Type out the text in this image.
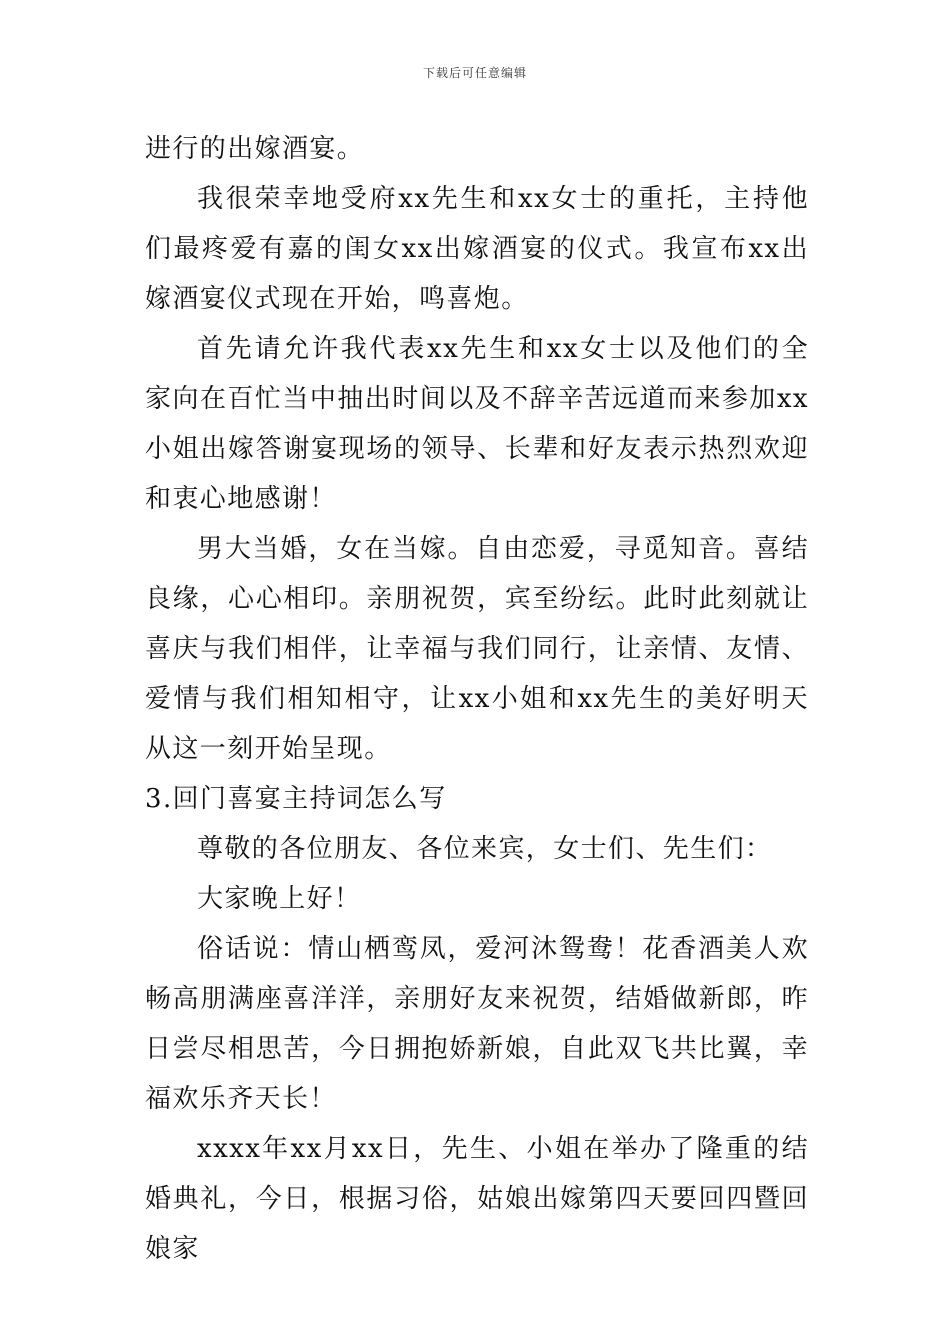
下载后可任意编辑

进行的出嫁酒宴。

我很荣幸地受府xx先生和xx女士的重托，主持他们最疼爱有嘉的闺女xx出嫁酒宴的仪式。我宣布xx出嫁酒宴仪式现在开始，鸣喜炮。

首先请允许我代表xx先生和xx女士以及他们的全家向在百忙当中抽出时间以及不辞辛苦远道而来参加xx小姐出嫁答谢宴现场的领导、长辈和好友表示热烈欢迎和衷心地感谢！

男大当婚，女在当嫁。自由恋爱，寻觅知音。喜结良缘，心心相印。亲朋祝贺，宾至纷纭。此时此刻就让喜庆与我们相伴，让幸福与我们同行，让亲情、友情、爱情与我们相知相守，让xx小姐和xx先生的美好明天从这一刻开始呈现。

3.回门喜宴主持词怎么写

尊敬的各位朋友、各位来宾，女士们、先生们：

大家晚上好！

俗话说：情山栖鸾凤，爱河沐鸳鸯！花香酒美人欢畅高朋满座喜洋洋，亲朋好友来祝贺，结婚做新郎，昨日尝尽相思苦，今日拥抱娇新娘，自此双飞共比翼，幸福欢乐齐天长！

xxxx年xx月xx日，先生、小姐在举办了隆重的结婚典礼，今日，根据习俗，姑娘出嫁第四天要回四暨回娘家
